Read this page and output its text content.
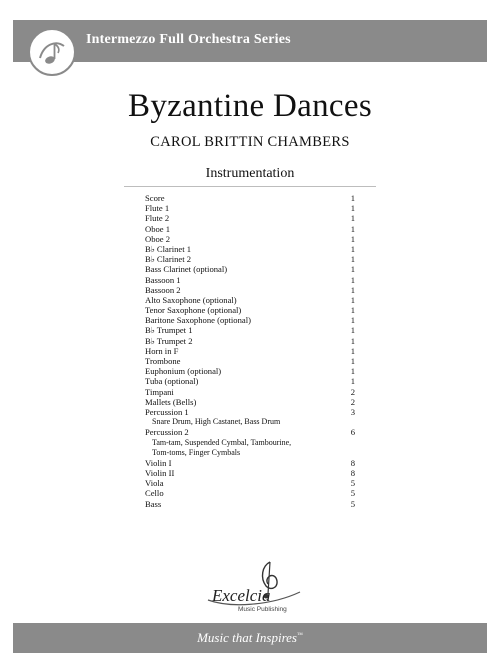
Intermezzo Full Orchestra Series
Byzantine Dances
CAROL BRITTIN CHAMBERS
Instrumentation
Score	1
Flute 1	1
Flute 2	1
Oboe 1	1
Oboe 2	1
B♭ Clarinet 1	1
B♭ Clarinet 2	1
Bass Clarinet (optional)	1
Bassoon 1	1
Bassoon 2	1
Alto Saxophone (optional)	1
Tenor Saxophone (optional)	1
Baritone Saxophone (optional)	1
B♭ Trumpet 1	1
B♭ Trumpet 2	1
Horn in F	1
Trombone	1
Euphonium (optional)	1
Tuba (optional)	1
Timpani	2
Mallets (Bells)	2
Percussion 1	3
Snare Drum, High Castanet, Bass Drum
Percussion 2	6
Tam-tam, Suspended Cymbal, Tambourine,
Tom-toms, Finger Cymbals
Violin I	8
Violin II	8
Viola	5
Cello	5
Bass	5
Excelcia
Music Publishing
Music that Inspires™
